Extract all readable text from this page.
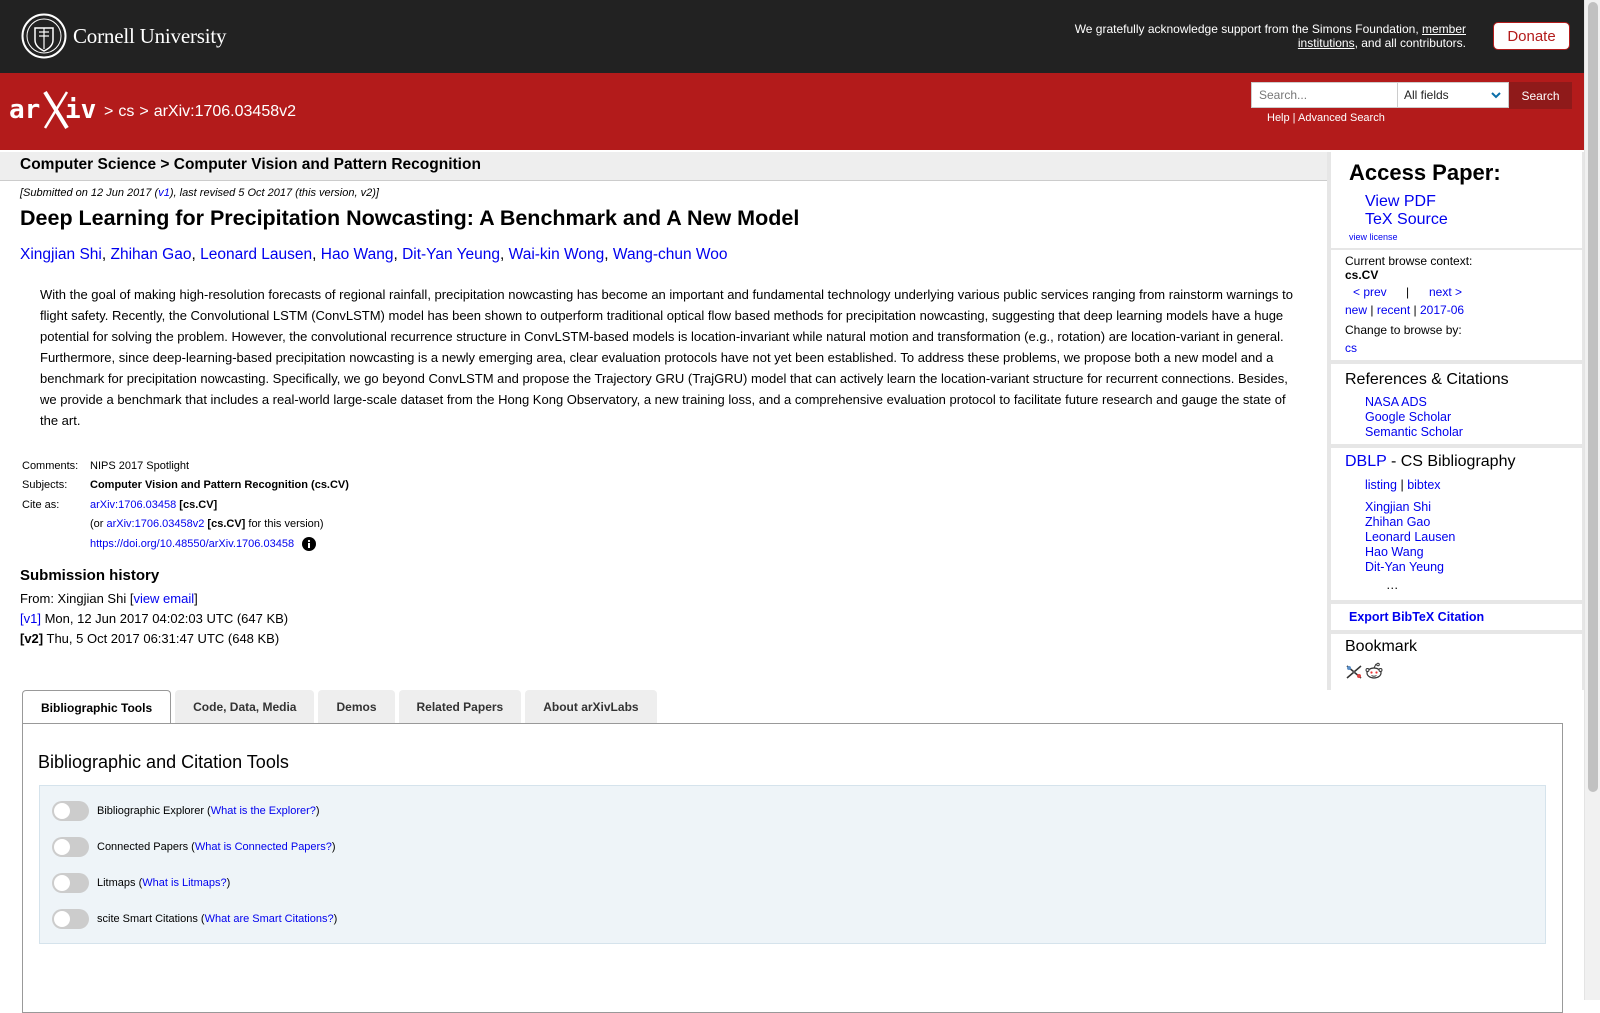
Cornell University	We gratefully acknowledge support from the Simons Foundation, member institutions, and all contributors.	Donate
ar iv > cs > arXiv:1706.03458v2
Search...
All fields	Search
Help | Advanced Search
Computer Science > Computer Vision and Pattern Recognition
[Submitted on 12 Jun 2017 (v1), last revised 5 Oct 2017 (this version, v2)]
Deep Learning for Precipitation Nowcasting: A Benchmark and A New Model
Xingjian Shi, Zhihan Gao, Leonard Lausen, Hao Wang, Dit-Yan Yeung, Wai-kin Wong, Wang-chun Woo

With the goal of making high-resolution forecasts of regional rainfall, precipitation nowcasting has become an important and fundamental technology underlying various public services ranging from rainstorm warnings to flight safety. Recently, the Convolutional LSTM (ConvLSTM) model has been shown to outperform traditional optical flow based methods for precipitation nowcasting, suggesting that deep learning models have a huge potential for solving the problem. However, the convolutional recurrence structure in ConvLSTM-based models is location-invariant while natural motion and transformation (e.g., rotation) are location-variant in general. Furthermore, since deep-learning-based precipitation nowcasting is a newly emerging area, clear evaluation protocols have not yet been established. To address these problems, we propose both a new model and a benchmark for precipitation nowcasting. Specifically, we go beyond ConvLSTM and propose the Trajectory GRU (TrajGRU) model that can actively learn the location-variant structure for recurrent connections. Besides, we provide a benchmark that includes a real-world large-scale dataset from the Hong Kong Observatory, a new training loss, and a comprehensive evaluation protocol to facilitate future research and gauge the state of the art.

Comments:	NIPS 2017 Spotlight
Subjects:	Computer Vision and Pattern Recognition (cs.CV)
Cite as:	arXiv:1706.03458 [cs.CV]
	(or arXiv:1706.03458v2 [cs.CV] for this version)
	https://doi.org/10.48550/arXiv.1706.03458
Submission history
From: Xingjian Shi [view email]
[v1] Mon, 12 Jun 2017 04:02:03 UTC (647 KB)
[v2] Thu, 5 Oct 2017 06:31:47 UTC (648 KB)
Access Paper:
View PDF
TeX Source
view license
Current browse context:
cs.CV
< prev | next >
new | recent | 2017-06
Change to browse by:
cs
References & Citations
NASA ADS
Google Scholar
Semantic Scholar
DBLP - CS Bibliography
listing | bibtex
Xingjian Shi
Zhihan Gao
Leonard Lausen
Hao Wang
Dit-Yan Yeung
…
Export BibTeX Citation
Bookmark
Bibliographic Tools	Code, Data, Media	Demos	Related Papers	About arXivLabs
Bibliographic and Citation Tools
Bibliographic Explorer ( What is the Explorer? )
Connected Papers ( What is Connected Papers? )
Litmaps ( What is Litmaps? )
scite Smart Citations ( What are Smart Citations? )
